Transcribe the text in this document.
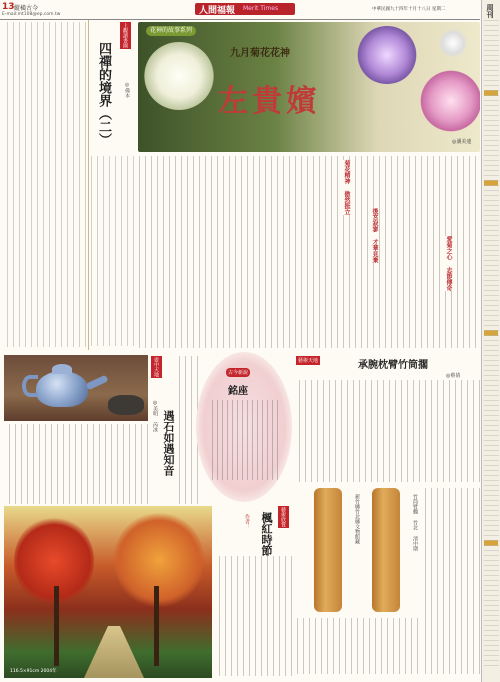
13 縱橫古今
E-mail:mt108@ep.com.tw	人間福報 Merit Times	中華民國九十四年十月十八日 星期二	周刊
花神的故事系列
九月菊花花神
左貴嬪
◎潘美連
上觀讀書園
四禪的境界（二）	◎佛本
菊花精神 傲然挺立
後宮寂寥 才華見棄
愛菊之心 志節傳奇
壺中天地
◎美明 芮冰 遇石如遇知音
古今新說
銘座
藝術天地	承腕枕臂竹筒擱
◎蔡倩
新竹縣竹北縣文物館藏	竹筒臂擱 竹北 清中期
116.5×91cm 2004年
藝術欣賞
楓紅時節
作者：
